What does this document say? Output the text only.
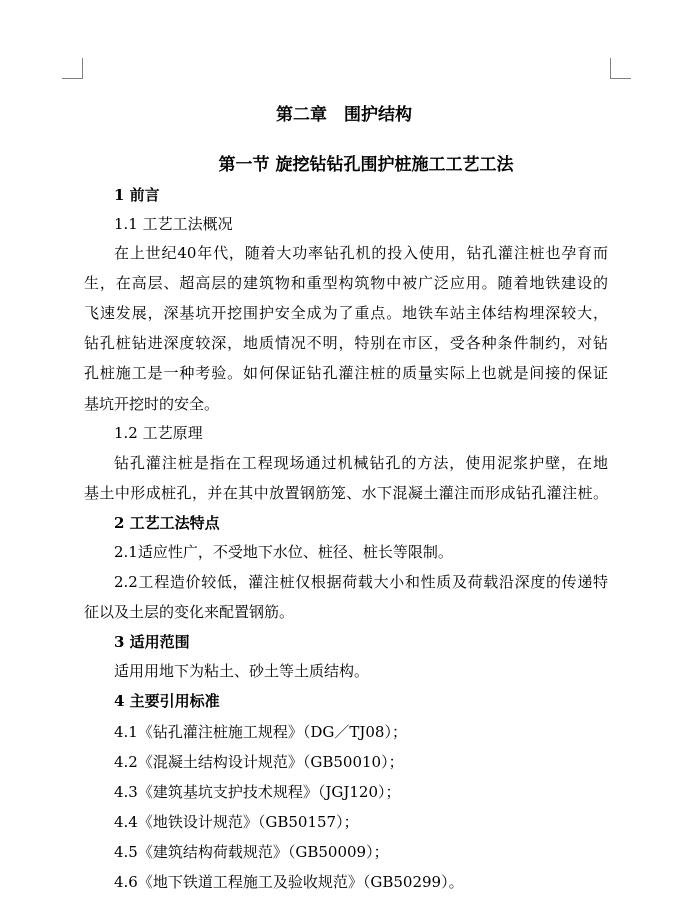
第二章　围护结构
第一节 旋挖钻钻孔围护桩施工工艺工法
1 前言
1.1 工艺工法概况
在上世纪40年代，随着大功率钻孔机的投入使用，钻孔灌注桩也孕育而
生，在高层、超高层的建筑物和重型构筑物中被广泛应用。随着地铁建设的
飞速发展，深基坑开挖围护安全成为了重点。地铁车站主体结构埋深较大，
钻孔桩钻进深度较深，地质情况不明，特别在市区，受各种条件制约，对钻
孔桩施工是一种考验。如何保证钻孔灌注桩的质量实际上也就是间接的保证
基坑开挖时的安全。
1.2 工艺原理
钻孔灌注桩是指在工程现场通过机械钻孔的方法，使用泥浆护壁，在地
基土中形成桩孔，并在其中放置钢筋笼、水下混凝土灌注而形成钻孔灌注桩。
2 工艺工法特点
2.1适应性广，不受地下水位、桩径、桩长等限制。
2.2工程造价较低，灌注桩仅根据荷载大小和性质及荷载沿深度的传递特
征以及土层的变化来配置钢筋。
3 适用范围
适用用地下为粘土、砂土等土质结构。
4 主要引用标准
4.1《钻孔灌注桩施工规程》（DG／TJ08）；
4.2《混凝土结构设计规范》（GB50010）；
4.3《建筑基坑支护技术规程》（JGJ120）；
4.4《地铁设计规范》（GB50157）；
4.5《建筑结构荷载规范》（GB50009）；
4.6《地下铁道工程施工及验收规范》（GB50299）。
